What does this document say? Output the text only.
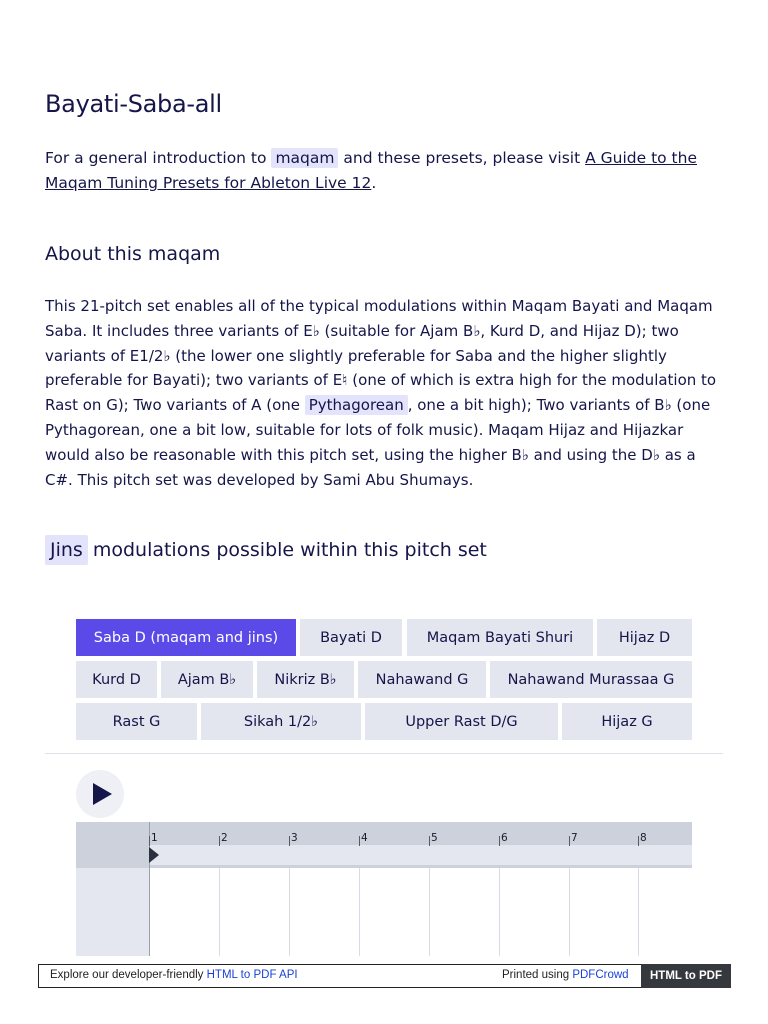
Bayati-Saba-all

For a general introduction to maqam and these presets, please visit A Guide to the Maqam Tuning Presets for Ableton Live 12.

About this maqam

This 21-pitch set enables all of the typical modulations within Maqam Bayati and Maqam Saba. It includes three variants of E♭ (suitable for Ajam B♭, Kurd D, and Hijaz D); two variants of E1/2♭ (the lower one slightly preferable for Saba and the higher slightly preferable for Bayati); two variants of E♮ (one of which is extra high for the modulation to Rast on G); Two variants of A (one Pythagorean , one a bit high); Two variants of B♭ (one Pythagorean, one a bit low, suitable for lots of folk music). Maqam Hijaz and Hijazkar would also be reasonable with this pitch set, using the higher B♭ and using the D♭ as a C#. This pitch set was developed by Sami Abu Shumays.

Jins modulations possible within this pitch set
Saba D (maqam and jins)	Bayati D	Maqam Bayati Shuri	Hijaz D
Kurd D	Ajam B♭	Nikriz B♭	Nahawand G	Nahawand Murassaa G
Rast G	Sikah 1/2♭	Upper Rast D/G	Hijaz G
1	2	3	4	5	6	7	8
Explore our developer-friendly HTML to PDF API	Printed using PDFCrowd	HTML to PDF
